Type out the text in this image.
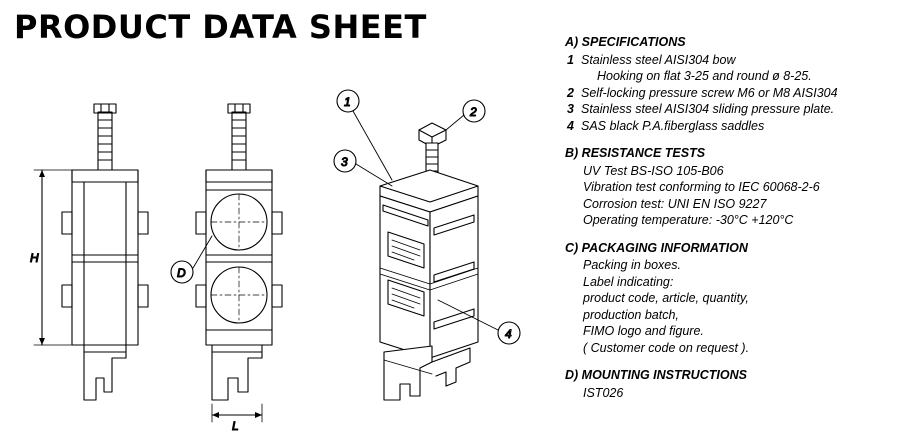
PRODUCT DATA SHEET
H
L
D
1
2
3
4
A) SPECIFICATIONS
1 Stainless steel AISI304 bow
Hooking on flat 3-25 and round ø 8-25.
2 Self-locking pressure screw M6 or M8 AISI304
3 Stainless steel AISI304 sliding pressure plate.
4 SAS black P.A.fiberglass saddles
B) RESISTANCE TESTS
UV Test BS-ISO 105-B06
Vibration test conforming to IEC 60068-2-6
Corrosion test: UNI EN ISO 9227
Operating temperature: -30°C +120°C
C) PACKAGING INFORMATION
Packing in boxes.
Label indicating:
product code, article, quantity,
production batch,
FIMO logo and figure.
( Customer code on request ).
D) MOUNTING INSTRUCTIONS
IST026
